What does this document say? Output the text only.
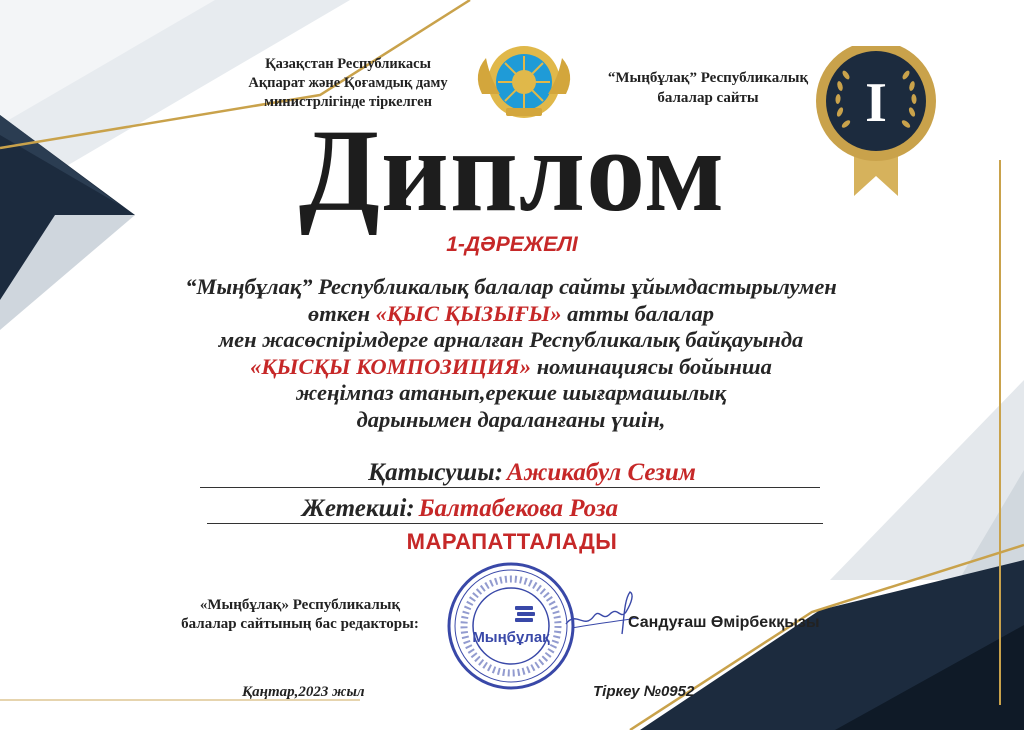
I
Қазақстан Республикасы
Ақпарат және Қоғамдық даму
министрлігінде тіркелген
“Мыңбұлақ” Республикалық
балалар сайты
Диплом
1-ДӘРЕЖЕЛІ
“Мыңбұлақ” Республикалық балалар сайты ұйымдастырылумен
өткен «ҚЫС ҚЫЗЫҒЫ» атты балалар
мен жасөспірімдерге арналған Республикалық байқауында
«ҚЫСҚЫ КОМПОЗИЦИЯ» номинациясы бойынша
жеңімпаз атанып,ерекше шығармашылық
дарынымен дараланғаны үшін,
Қатысушы: Ажикабул Сезим
Жетекші: Балтабекова Роза
МАРАПАТТАЛАДЫ
«Мыңбұлақ» Республикалық
балалар сайтының бас редакторы:
Мыңбұлақ
Сандуғаш Өмірбекқызы
Қаңтар,2023 жыл	Тіркеу №0952
